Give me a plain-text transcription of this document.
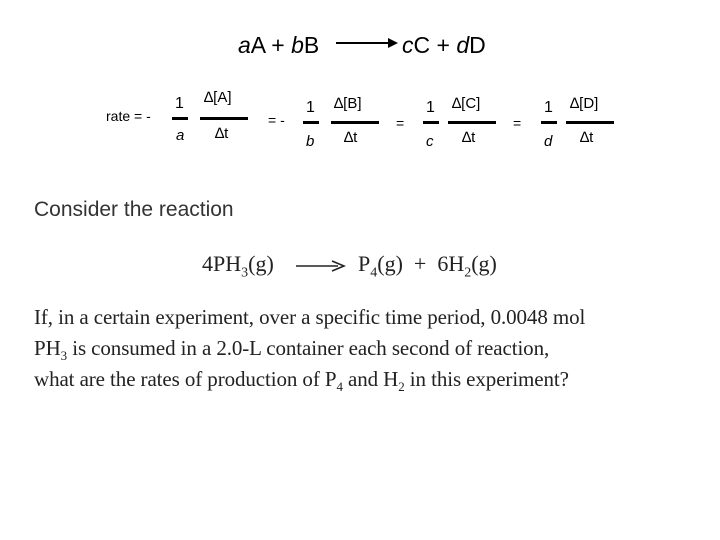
aA + bB → cC + dD
rate = -
1
a
∆[A]
∆t
= -
1
b
∆[B]
∆t
=
1
c
∆[C]
∆t
=
1
d
∆[D]
∆t
Consider the reaction
$4PH_3(g) \to P_4(g) + 6H_2(g)$
If, in a certain experiment, over a specific time period, 0.0048 mol
$PH_3$ is consumed in a 2.0-L container each second of reaction,
what are the rates of production of $P_4$ and $H_2$ in this experiment?
